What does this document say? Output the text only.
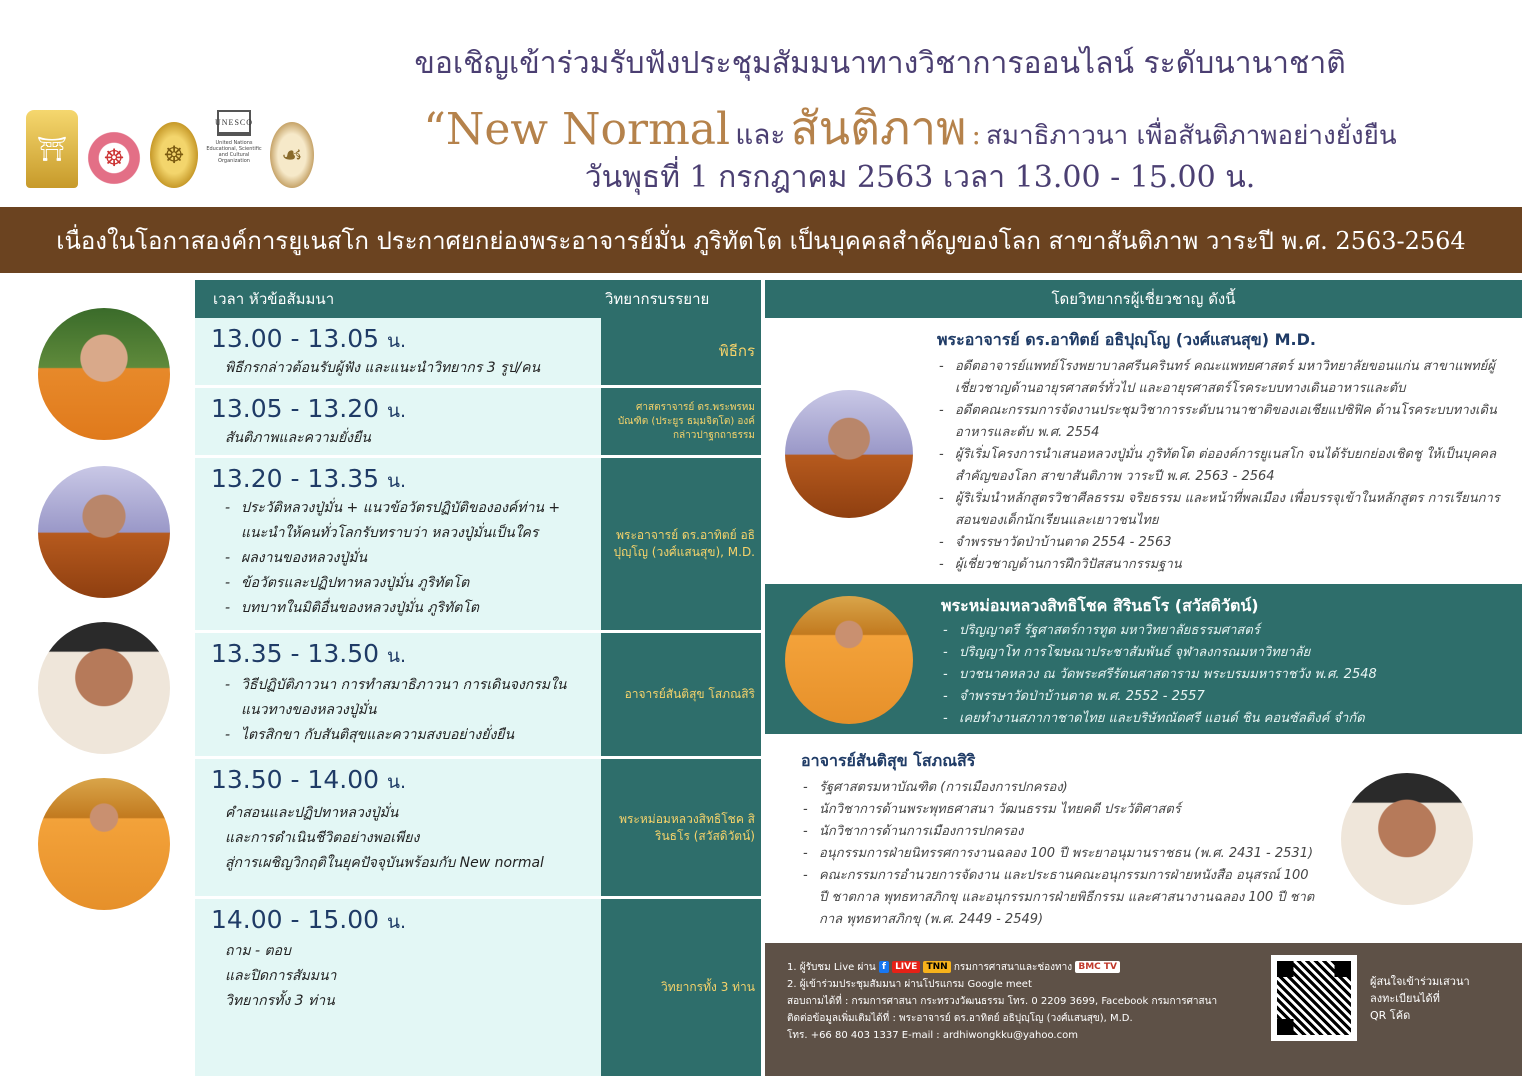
⛩	☸	☸
UNESCO
United Nations Educational, Scientific and Cultural Organization	☙
ขอเชิญเข้าร่วมรับฟังประชุมสัมมนาทางวิชาการออนไลน์ ระดับนานาชาติ
“New Normal และ สันติภาพ : สมาธิภาวนา เพื่อสันติภาพอย่างยั่งยืน
วันพุธที่ 1 กรกฎาคม 2563 เวลา 13.00 - 15.00 น.
เนื่องในโอกาสองค์การยูเนสโก ประกาศยกย่องพระอาจารย์มั่น ภูริทัตโต เป็นบุคคลสำคัญของโลก สาขาสันติภาพ วาระปี พ.ศ. 2563-2564
เวลา หัวข้อสัมมนา	วิทยากรบรรยาย	โดยวิทยากรผู้เชี่ยวชาญ ดังนี้
13.00 - 13.05 น.
พิธีกรกล่าวต้อนรับผู้ฟัง และแนะนำวิทยากร 3 รูป/คน
พิธีกร
13.05 - 13.20 น.
สันติภาพและความยั่งยืน
ศาสตราจารย์ ดร.พระพรหมบัณฑิต (ประยูร ธมฺมจิตฺโต) องค์กล่าวปาฐกถาธรรม
13.20 - 13.35 น.
- ประวัติหลวงปู่มั่น + แนวข้อวัตรปฏิบัติขององค์ท่าน + แนะนำให้คนทั่วโลกรับทราบว่า หลวงปู่มั่นเป็นใคร
- ผลงานของหลวงปู่มั่น
- ข้อวัตรและปฏิปทาหลวงปู่มั่น ภูริทัตโต
- บทบาทในมิติอื่นของหลวงปู่มั่น ภูริทัตโต
พระอาจารย์ ดร.อาทิตย์ อธิปุญฺโญ (วงศ์แสนสุข), M.D.
13.35 - 13.50 น.
- วิธีปฏิบัติภาวนา การทำสมาธิภาวนา การเดินจงกรมในแนวทางของหลวงปู่มั่น
- ไตรสิกขา กับสันติสุขและความสงบอย่างยั่งยืน
อาจารย์สันติสุข โสภณสิริ
13.50 - 14.00 น.
คำสอนและปฏิปทาหลวงปู่มั่น
และการดำเนินชีวิตอย่างพอเพียง
สู่การเผชิญวิกฤติในยุคปัจจุบันพร้อมกับ New normal
พระหม่อมหลวงสิทธิโชค สิรินธโร (สวัสดิวัตน์)
14.00 - 15.00 น.
ถาม - ตอบ
และปิดการสัมมนา
วิทยากรทั้ง 3 ท่าน
วิทยากรทั้ง 3 ท่าน
พระอาจารย์ ดร.อาทิตย์ อธิปุญฺโญ (วงศ์แสนสุข) M.D.
- อดีตอาจารย์แพทย์โรงพยาบาลศรีนครินทร์ คณะแพทยศาสตร์ มหาวิทยาลัยขอนแก่น สาขาแพทย์ผู้เชี่ยวชาญด้านอายุรศาสตร์ทั่วไป และอายุรศาสตร์โรคระบบทางเดินอาหารและตับ
- อดีตคณะกรรมการจัดงานประชุมวิชาการระดับนานาชาติของเอเชียแปซิฟิค ด้านโรคระบบทางเดินอาหารและตับ พ.ศ. 2554
- ผู้ริเริ่มโครงการนำเสนอหลวงปู่มั่น ภูริทัตโต ต่อองค์การยูเนสโก จนได้รับยกย่องเชิดชู ให้เป็นบุคคลสำคัญของโลก สาขาสันติภาพ วาระปี พ.ศ. 2563 - 2564
- ผู้ริเริ่มนำหลักสูตรวิชาศีลธรรม จริยธรรม และหน้าที่พลเมือง เพื่อบรรจุเข้าในหลักสูตร การเรียนการสอนของเด็กนักเรียนและเยาวชนไทย
- จำพรรษาวัดป่าบ้านตาด 2554 - 2563
- ผู้เชี่ยวชาญด้านการฝึกวิปัสสนากรรมฐาน
พระหม่อมหลวงสิทธิโชค สิรินธโร (สวัสดิวัตน์)
- ปริญญาตรี รัฐศาสตร์การทูต มหาวิทยาลัยธรรมศาสตร์
- ปริญญาโท การโฆษณาประชาสัมพันธ์ จุฬาลงกรณมหาวิทยาลัย
- บวชนาคหลวง ณ วัดพระศรีรัตนศาสดาราม พระบรมมหาราชวัง พ.ศ. 2548
- จำพรรษาวัดป่าบ้านตาด พ.ศ. 2552 - 2557
- เคยทำงานสภากาชาดไทย และบริษัทณัดศรี แอนด์ ชิน คอนซัลติงค์ จำกัด
อาจารย์สันติสุข โสภณสิริ
- รัฐศาสตรมหาบัณฑิต (การเมืองการปกครอง)
- นักวิชาการด้านพระพุทธศาสนา วัฒนธรรม ไทยคดี ประวัติศาสตร์
- นักวิชาการด้านการเมืองการปกครอง
- อนุกรรมการฝ่ายนิทรรศการงานฉลอง 100 ปี พระยาอนุมานราชธน (พ.ศ. 2431 - 2531)
- คณะกรรมการอำนวยการจัดงาน และประธานคณะอนุกรรมการฝ่ายหนังสือ อนุสรณ์ 100 ปี ชาตกาล พุทธทาสภิกขุ และอนุกรรมการฝ่ายพิธีกรรม และศาสนางานฉลอง 100 ปี ชาตกาล พุทธทาสภิกขุ (พ.ศ. 2449 - 2549)
1. ผู้รับชม Live ผ่าน f LIVE TNN กรมการศาสนาและช่องทาง BMC TV
2. ผู้เข้าร่วมประชุมสัมมนา ผ่านโปรแกรม Google meet
สอบถามได้ที่ : กรมการศาสนา กระทรวงวัฒนธรรม โทร. 0 2209 3699, Facebook กรมการศาสนา
ติดต่อข้อมูลเพิ่มเติมได้ที่ : พระอาจารย์ ดร.อาทิตย์ อธิปุญฺโญ (วงศ์แสนสุข), M.D.
โทร. +66 80 403 1337 E-mail : ardhiwongkku@yahoo.com
ผู้สนใจเข้าร่วมเสวนา
ลงทะเบียนได้ที่
QR โค้ด
